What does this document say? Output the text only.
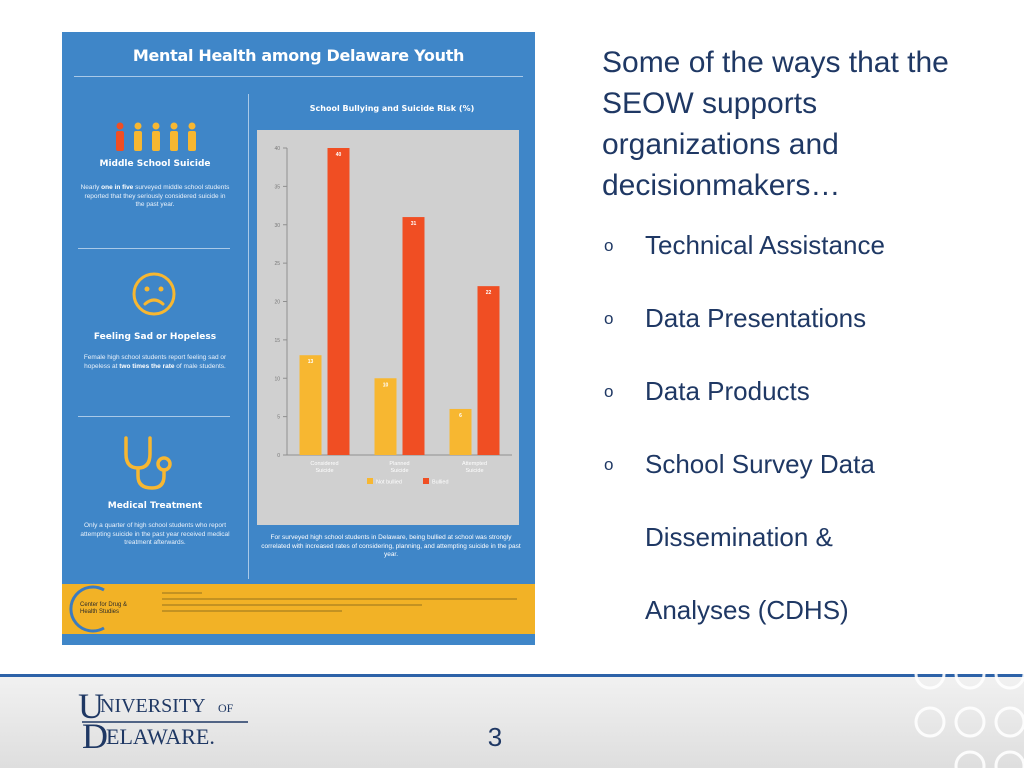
Mental Health among Delaware Youth
Middle School Suicide
Nearly one in five surveyed middle school students reported that they seriously considered suicide in the past year.
Feeling Sad or Hopeless
Female high school students report feeling sad or hopeless at two times the rate of male students.
Medical Treatment
Only a quarter of high school students who report attempting suicide in the past year received medical treatment afterwards.
School Bullying and Suicide Risk (%)
0
5
10
15
20
25
30
35
40
13
40
Considered
Suicide
10
31
Planned
Suicide
6
22
Attempted
Suicide
Not bullied	Bullied
For surveyed high school students in Delaware, being bullied at school was strongly correlated with increased rates of considering, planning, and attempting suicide in the past year.
Center for Drug & Health Studies
Some of the ways that the SEOW supports organizations and decisionmakers…
o Technical Assistance
o Data Presentations
o Data Products
o School Survey Data
Dissemination &
Analyses (CDHS)
U
NIVERSITY OF
D
ELAWARE.	3
